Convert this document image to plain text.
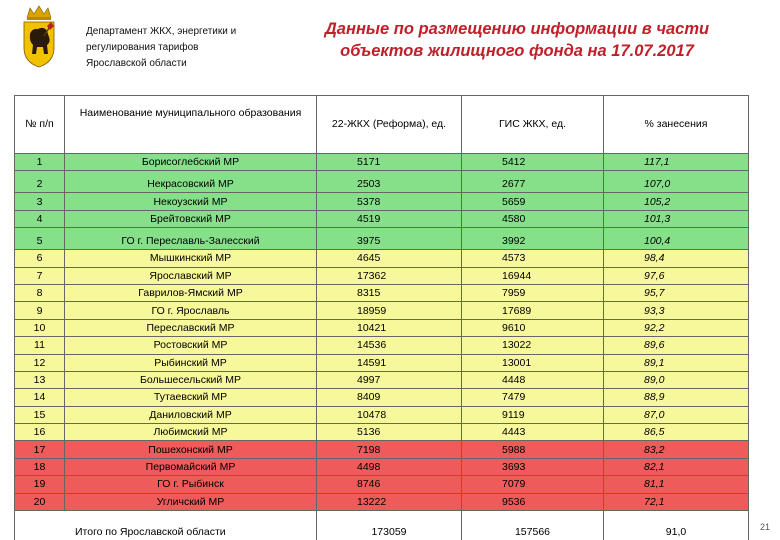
Департамент ЖКХ, энергетики и
регулирования тарифов
Ярославской области
Данные по размещению информации в части
объектов жилищного фонда на 17.07.2017
№ п/п	Наименование муниципального образования	22-ЖКХ (Реформа), ед.	ГИС ЖКХ, ед.	% занесения
1	Борисоглебский МР	5171	5412	117,1
2	Некрасовский МР	2503	2677	107,0
3	Некоузский МР	5378	5659	105,2
4	Брейтовский МР	4519	4580	101,3
5	ГО г. Переславль-Залесский	3975	3992	100,4
6	Мышкинский МР	4645	4573	98,4
7	Ярославский МР	17362	16944	97,6
8	Гаврилов-Ямский МР	8315	7959	95,7
9	ГО г. Ярославль	18959	17689	93,3
10	Переславский МР	10421	9610	92,2
11	Ростовский МР	14536	13022	89,6
12	Рыбинский МР	14591	13001	89,1
13	Большесельский МР	4997	4448	89,0
14	Тутаевский МР	8409	7479	88,9
15	Даниловский МР	10478	9119	87,0
16	Любимский МР	5136	4443	86,5
17	Пошехонский МР	7198	5988	83,2
18	Первомайский МР	4498	3693	82,1
19	ГО г. Рыбинск	8746	7079	81,1
20	Угличский МР	13222	9536	72,1
Итого по Ярославской области		173059	157566	91,0	21
